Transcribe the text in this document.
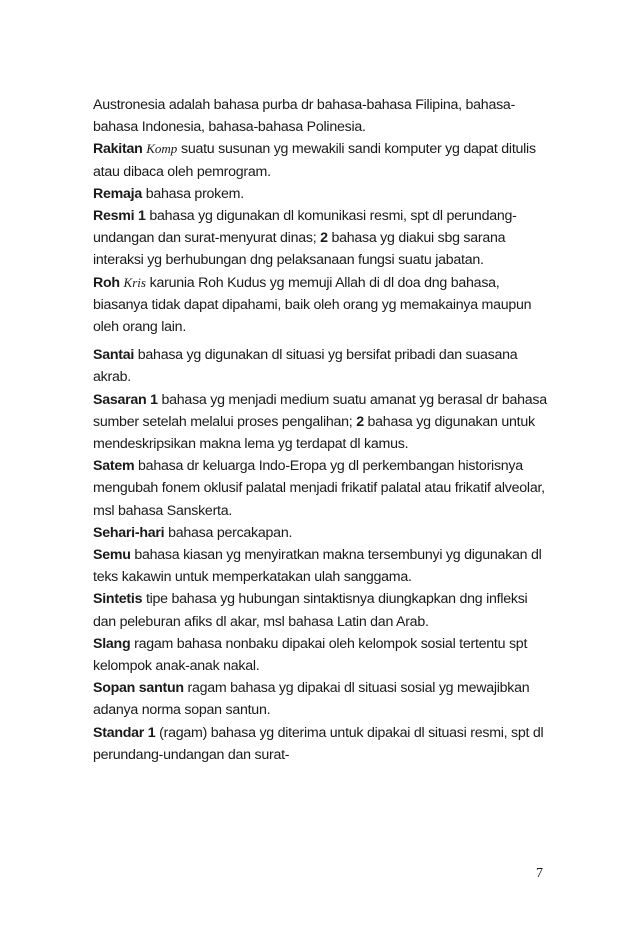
Austronesia adalah bahasa purba dr bahasa-bahasa Filipina, bahasa-bahasa Indonesia, bahasa-bahasa Polinesia.

Rakitan Komp suatu susunan yg mewakili sandi komputer yg dapat ditulis atau dibaca oleh pemrogram.

Remaja bahasa prokem.

Resmi 1 bahasa yg digunakan dl komunikasi resmi, spt dl perundang-undangan dan surat-menyurat dinas; 2 bahasa yg diakui sbg sarana interaksi yg berhubungan dng pelaksanaan fungsi suatu jabatan.

Roh Kris karunia Roh Kudus yg memuji Allah di dl doa dng bahasa, biasanya tidak dapat dipahami, baik oleh orang yg memakainya maupun oleh orang lain.

Santai bahasa yg digunakan dl situasi yg bersifat pribadi dan suasana akrab.

Sasaran 1 bahasa yg menjadi medium suatu amanat yg berasal dr bahasa sumber setelah melalui proses pengalihan; 2 bahasa yg digunakan untuk mendeskripsikan makna lema yg terdapat dl kamus.

Satem bahasa dr keluarga Indo-Eropa yg dl perkembangan historisnya mengubah fonem oklusif palatal menjadi frikatif palatal atau frikatif alveolar, msl bahasa Sanskerta.

Sehari-hari bahasa percakapan.

Semu bahasa kiasan yg menyiratkan makna tersembunyi yg digunakan dl teks kakawin untuk memperkatakan ulah sanggama.

Sintetis tipe bahasa yg hubungan sintaktisnya diungkapkan dng infleksi dan peleburan afiks dl akar, msl bahasa Latin dan Arab.

Slang ragam bahasa nonbaku dipakai oleh kelompok sosial tertentu spt kelompok anak-anak nakal.

Sopan santun ragam bahasa yg dipakai dl situasi sosial yg mewajibkan adanya norma sopan santun.

Standar 1 (ragam) bahasa yg diterima untuk dipakai dl situasi resmi, spt dl perundang-undangan dan surat-

7
